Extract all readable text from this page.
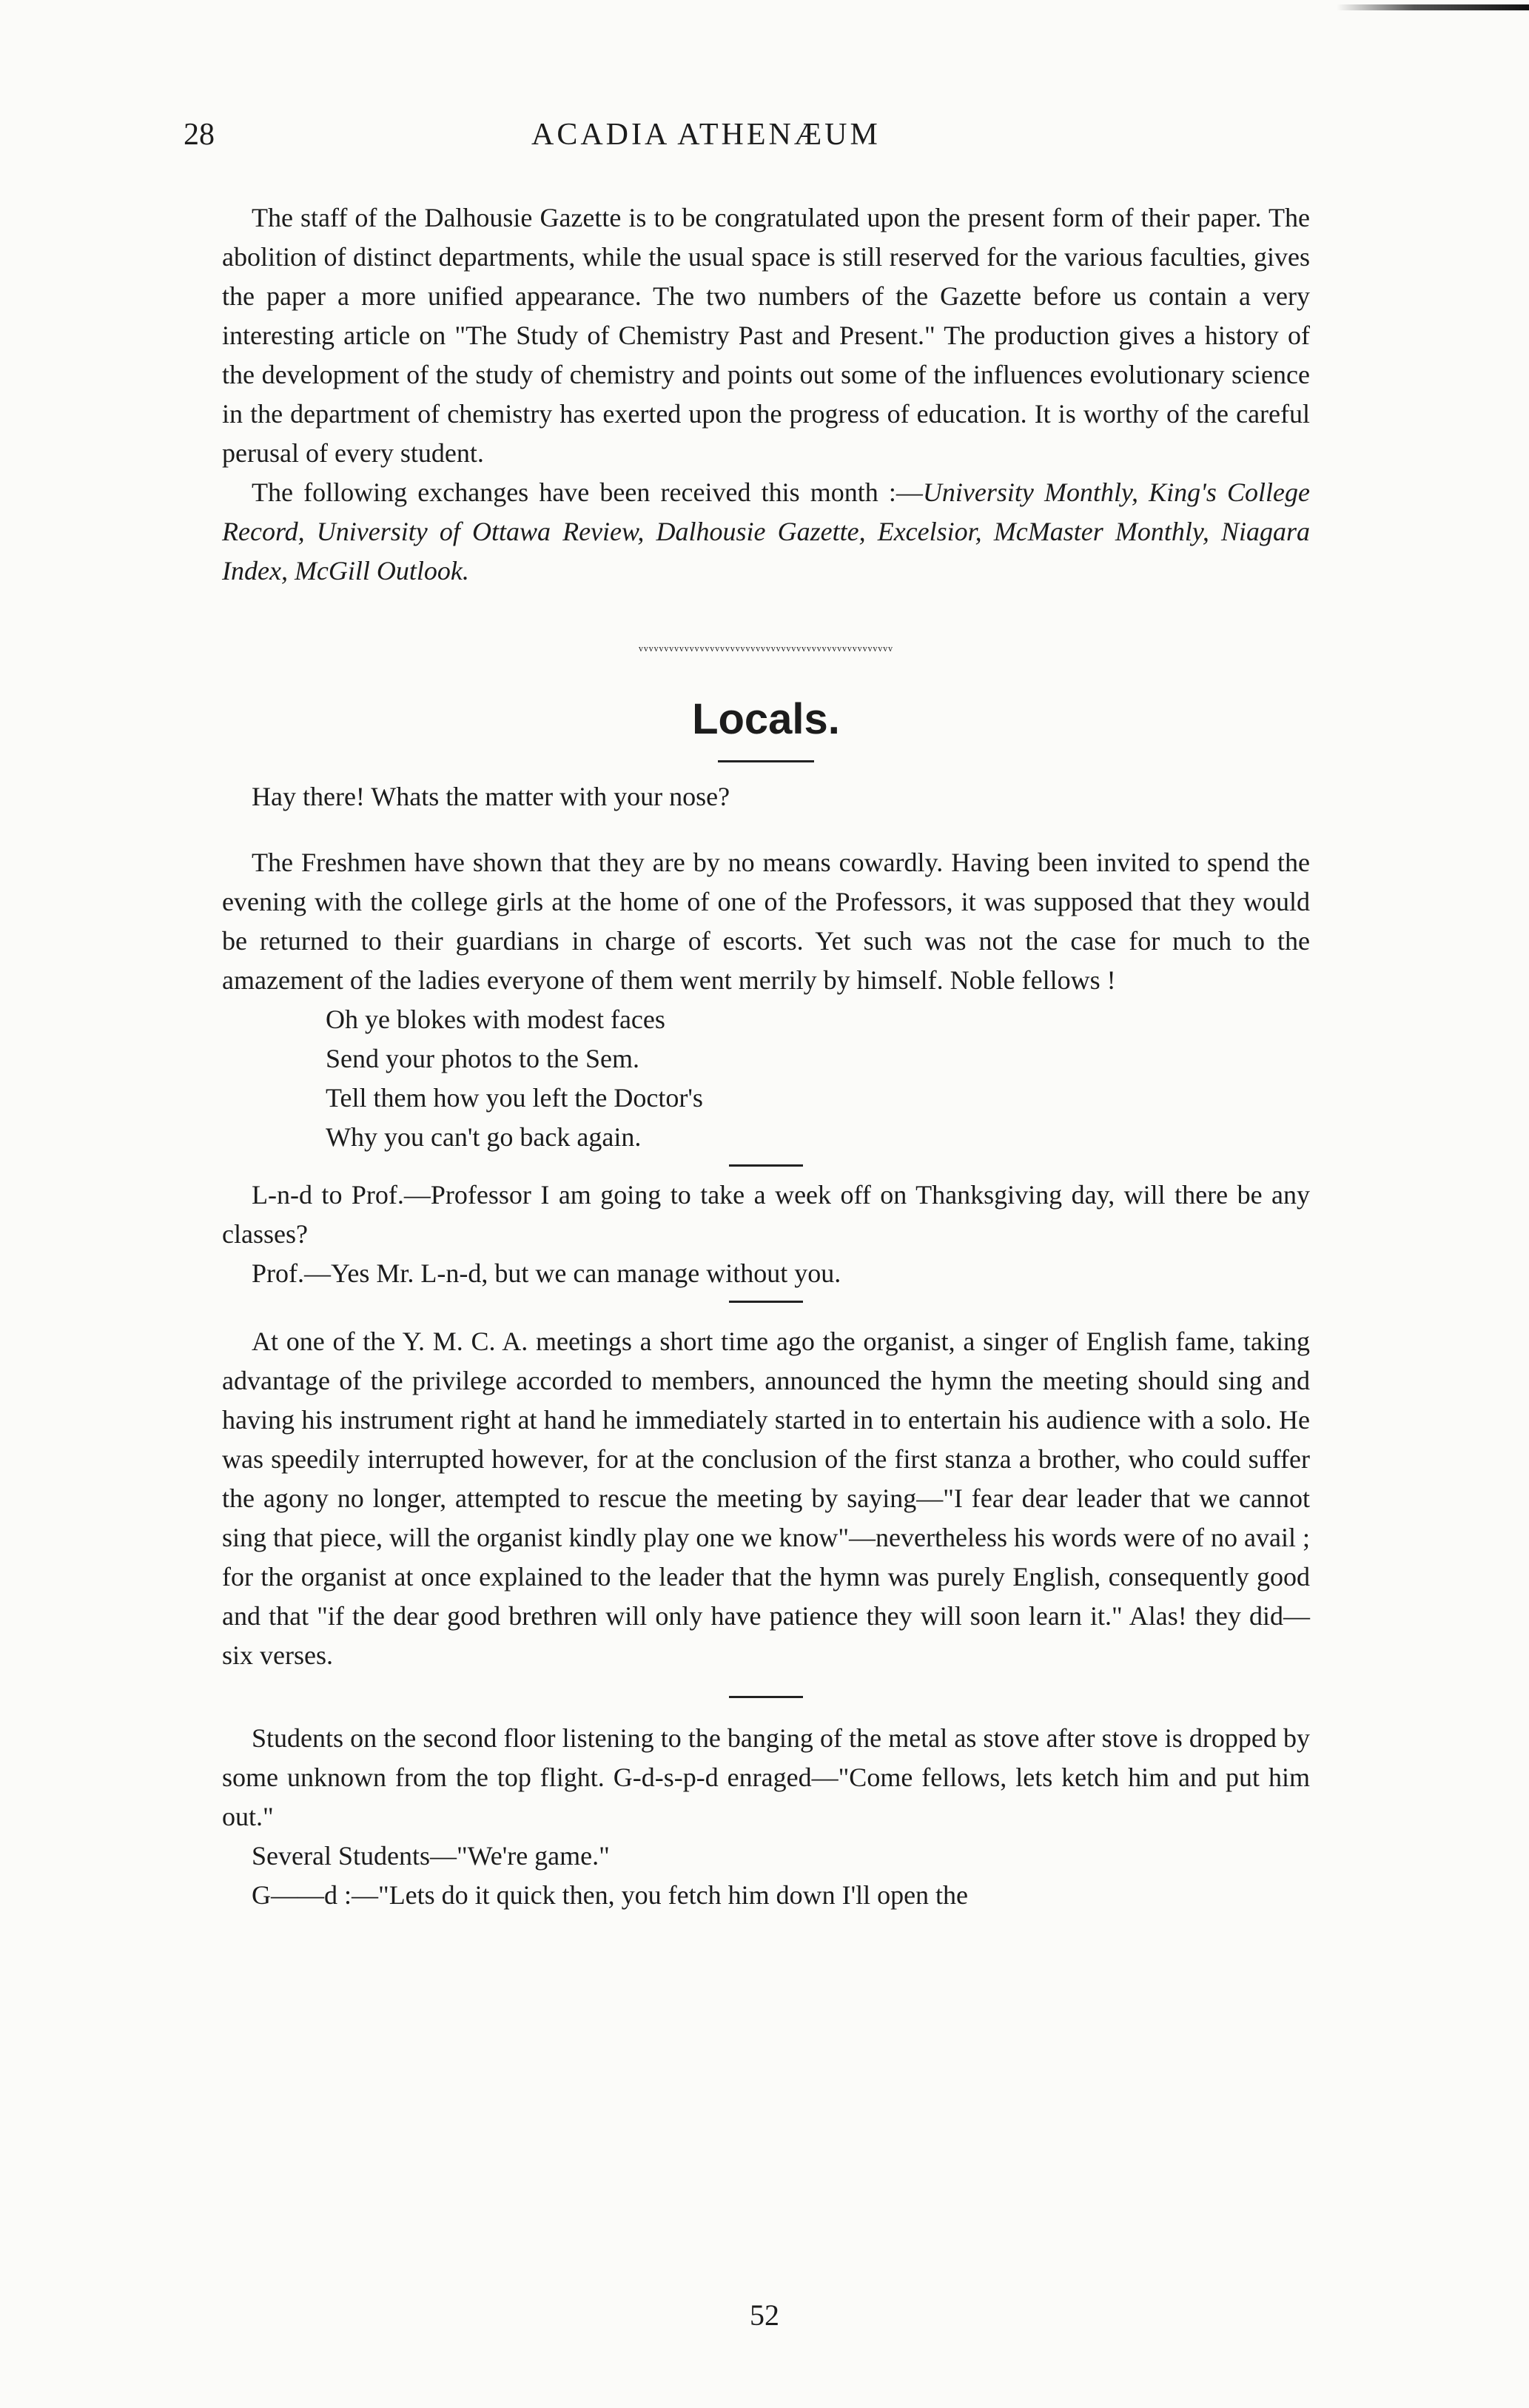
28	ACADIA ATHENÆUM

The staff of the Dalhousie Gazette is to be congratulated upon the present form of their paper. The abolition of distinct departments, while the usual space is still reserved for the various faculties, gives the paper a more unified appearance. The two numbers of the Gazette before us contain a very interesting article on "The Study of Chemistry Past and Present." The production gives a history of the development of the study of chemistry and points out some of the influences evolutionary science in the department of chemistry has exerted upon the progress of education. It is worthy of the careful perusal of every student.

The following exchanges have been received this month :—University Monthly, King's College Record, University of Ottawa Review, Dalhousie Gazette, Excelsior, McMaster Monthly, Niagara Index, McGill Outlook.

ᵥᵥᵥᵥᵥᵥᵥᵥᵥᵥᵥᵥᵥᵥᵥᵥᵥᵥᵥᵥᵥᵥᵥᵥᵥᵥᵥᵥᵥᵥᵥᵥᵥᵥᵥᵥᵥᵥᵥᵥᵥᵥᵥᵥᵥᵥᵥᵥᵥᵥ
Locals.

Hay there! Whats the matter with your nose?

The Freshmen have shown that they are by no means cowardly. Having been invited to spend the evening with the college girls at the home of one of the Professors, it was supposed that they would be returned to their guardians in charge of escorts. Yet such was not the case for much to the amazement of the ladies everyone of them went merrily by himself. Noble fellows !

Oh ye blokes with modest faces
Send your photos to the Sem.
Tell them how you left the Doctor's
Why you can't go back again.

L-n-d to Prof.—Professor I am going to take a week off on Thanksgiving day, will there be any classes?

Prof.—Yes Mr. L-n-d, but we can manage without you.

At one of the Y. M. C. A. meetings a short time ago the organist, a singer of English fame, taking advantage of the privilege accorded to members, announced the hymn the meeting should sing and having his instrument right at hand he immediately started in to entertain his audience with a solo. He was speedily interrupted however, for at the conclusion of the first stanza a brother, who could suffer the agony no longer, attempted to rescue the meeting by saying—"I fear dear leader that we cannot sing that piece, will the organist kindly play one we know"—nevertheless his words were of no avail ; for the organist at once explained to the leader that the hymn was purely English, consequently good and that "if the dear good brethren will only have patience they will soon learn it." Alas! they did—six verses.

Students on the second floor listening to the banging of the metal as stove after stove is dropped by some unknown from the top flight. G-d-s-p-d enraged—"Come fellows, lets ketch him and put him out."

Several Students—"We're game."

G——d :—"Lets do it quick then, you fetch him down I'll open the

52
